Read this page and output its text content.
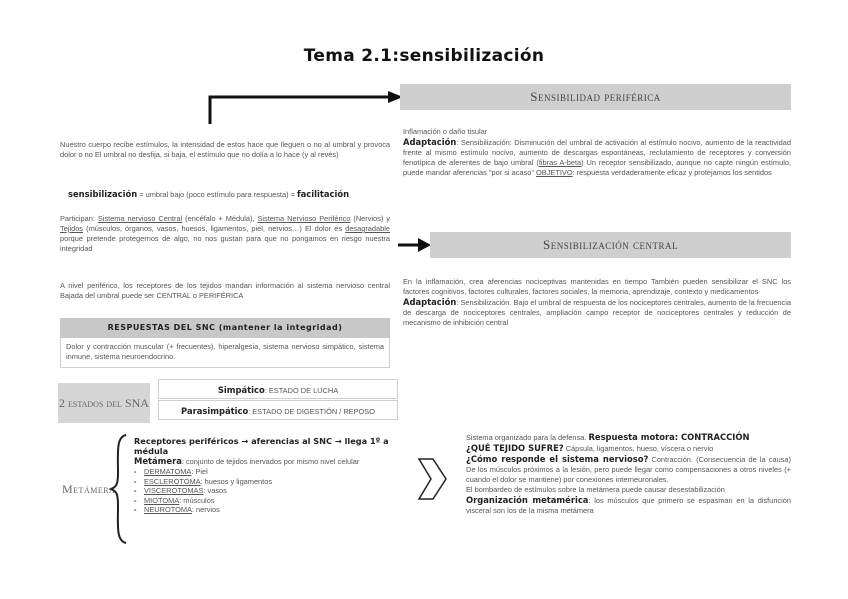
Tema 2.1:sensibilización
Sensibilidad periférica
Inflamación o daño tisular
Adaptación: Sensibilización: Disminución del umbral de activación al estímulo nocivo, aumento de la reactividad frente al mismo estímulo nocivo, aumento de descargas espontáneas, reclutamiento de receptores y conversión fenotípica de aferentes de bajo umbral (fibras A-beta) Un receptor sensibilizado, aunque no capte ningún estímulo, puede mandar aferencias "por si acaso" OBJETIVO: respuesta verdaderamente eficaz y protejamos los sentidos
Sensibilización central
En la inflamación, crea aferencias nociceptivas mantenidas en tiempo También pueden sensibilizar el SNC los factores cognitivos, factores culturales, factores sociales, la memoria, aprendizaje, contexto y medicamentos
Adaptación: Sensibilización. Bajo el umbral de respuesta de los nociceptores centrales, aumento de la frecuencia de descarga de nociceptores centrales, ampliación campo receptor de nociceptores centrales y reducción de mecanismo de inhibición central
Nuestro cuerpo recibe estímulos, la intensidad de estos hace que lleguen o no al umbral y provoca dolor o no El umbral no desfija, si baja, el estímulo que no dolía a lo hace (y al revés)
sensibilización = umbral bajo (poco estímulo para respuesta) = facilitación
Participan: Sistema nervioso Central (encéfalo + Médula), Sistema Nervioso Periférico (Nervios) y Tejidos (músculos, órganos, vasos, huesos, ligamentos, piel, nervios…) El dolor es desagradable porque pretende protegernos de algo, no nos gustan para que no pongamos en riesgo nuestra integridad
A nivel periférico, los receptores de los tejidos mandan información al sistema nervioso central Bajada del umbral puede ser CENTRAL o PERIFÉRICA
RESPUESTAS DEL SNC (mantener la integridad)
Dolor y contracción muscular (+ frecuentes), hiperalgesia, sistema nervioso simpático, sistema inmune, sistema neuroendocrino.
2 estados del SNA
Simpático: ESTADO DE LUCHA
Parasimpático: ESTADO DE DIGESTIÓN / REPOSO
Metámera
Receptores periféricos → aferencias al SNC → llega 1º a médula
Metámera: conjunto de tejidos inervados por mismo nivel celular
- DERMATOMA: Piel
- ESCLEROTOMA: huesos y ligamentos
- VISCEROTOMAS: vasos
- MIOTOMA: músculos
- NEUROTOMA: nervios
Sistema organizado para la defensa. Respuesta motora: CONTRACCIÓN
¿QUÉ TEJIDO SUFRE? Cápsula, ligamentos, hueso, víscera o nervio
¿Cómo responde el sistema nervioso? Contracción. (Consecuencia de la causa) De los músculos próximos a la lesión, pero puede llegar como compensaciones a otros niveles (+ cuando el dolor se mantiene) por conexiones interneuronales.
El bombardeo de estímulos sobre la metámera puede causar desestabilización
Organización metamérica: los músculos que primero se espasman en la disfunción visceral son los de la misma metámera
